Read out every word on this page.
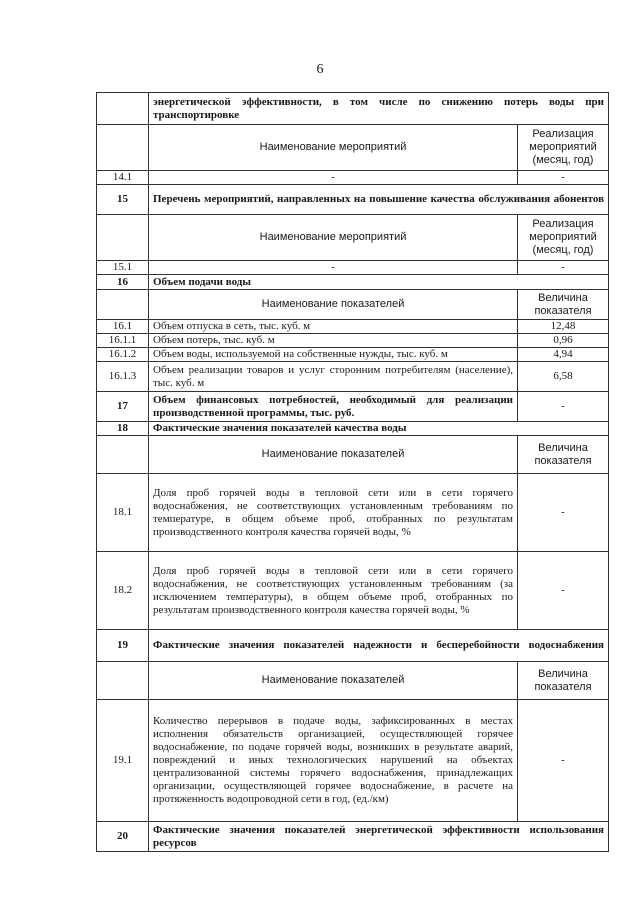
6
	энергетической эффективности, в том числе по снижению потерь воды при транспортировке	
	Наименование мероприятий	Реализация мероприятий (месяц, год)
14.1	-	-
15	Перечень мероприятий, направленных на повышение качества обслуживания абонентов	
	Наименование мероприятий	Реализация мероприятий (месяц, год)
15.1	-	-
16	Объем подачи воды	
	Наименование показателей	Величина показателя
16.1	Объем отпуска в сеть, тыс. куб. м	12,48
16.1.1	Объем потерь, тыс. куб. м	0,96
16.1.2	Объем воды, используемой на собственные нужды, тыс. куб. м	4,94
16.1.3	Объем реализации товаров и услуг сторонним потребителям (население), тыс. куб. м	6,58
17	Объем финансовых потребностей, необходимый для реализации производственной программы, тыс. руб.	-
18	Фактические значения показателей качества воды	
	Наименование показателей	Величина показателя
18.1	Доля проб горячей воды в тепловой сети или в сети горячего водоснабжения, не соответствующих установленным требованиям по температуре, в общем объеме проб, отобранных по результатам производственного контроля качества горячей воды, %	-
18.2	Доля проб горячей воды в тепловой сети или в сети горячего водоснабжения, не соответствующих установленным требованиям (за исключением температуры), в общем объеме проб, отобранных по результатам производственного контроля качества горячей воды, %	-
19	Фактические значения показателей надежности и бесперебойности водоснабжения	
	Наименование показателей	Величина показателя
19.1	Количество перерывов в подаче воды, зафиксированных в местах исполнения обязательств организацией, осуществляющей горячее водоснабжение, по подаче горячей воды, возникших в результате аварий, повреждений и иных технологических нарушений на объектах централизованной системы горячего водоснабжения, принадлежащих организации, осуществляющей горячее водоснабжение, в расчете на протяженность водопроводной сети в год, (ед./км)	-
20	Фактические значения показателей энергетической эффективности использования ресурсов	
